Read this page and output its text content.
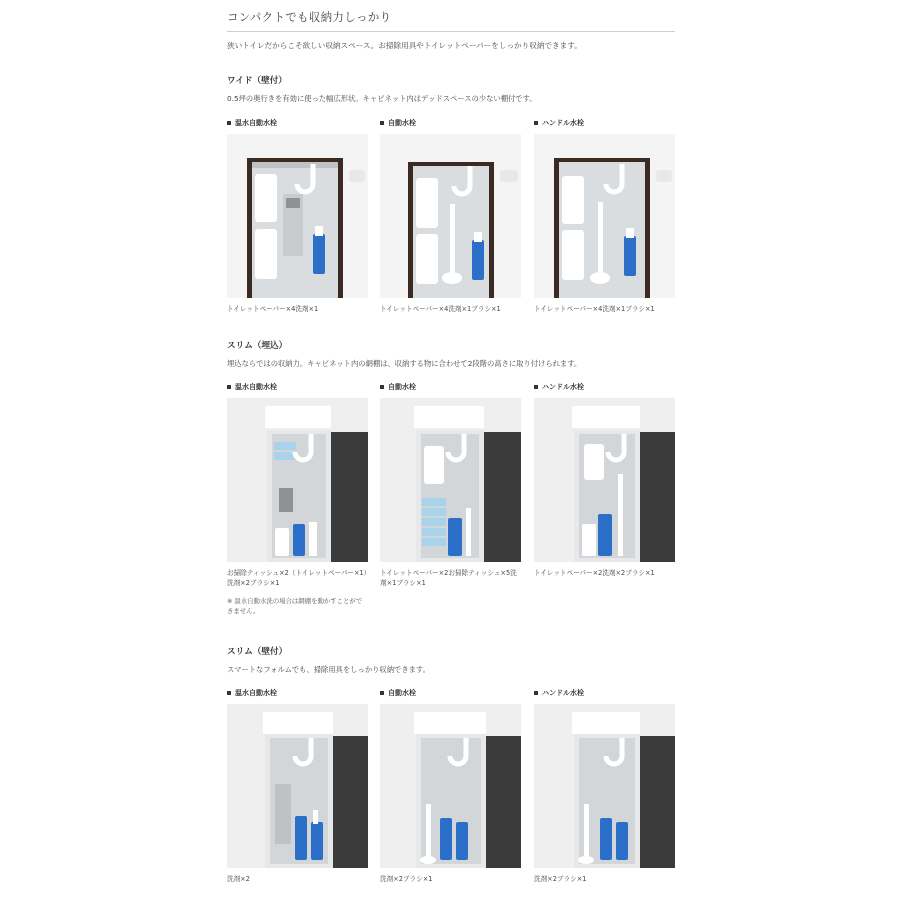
コンパクトでも収納力しっかり
狭いトイレだからこそ欲しい収納スペース。お掃除用具やトイレットペーパーをしっかり収納できます。
ワイド（壁付）
0.5坪の奥行きを有効に使った幅広形状。キャビネット内はデッドスペースの少ない棚付です。
温水自動水栓
トイレットペーパー×4洗剤×1
自動水栓
トイレットペーパー×4洗剤×1ブラシ×1
ハンドル水栓
トイレットペーパー×4洗剤×1ブラシ×1
スリム（埋込）
埋込ならではの収納力。キャビネット内の網棚は、収納する物に合わせて2段階の高さに取り付けられます。
温水自動水栓
お掃除ティッシュ×2（トイレットペーパー×1）洗剤×2ブラシ×1
※ 温水自動水洗の場合は網棚を動かすことができません。
自動水栓
トイレットペーパー×2お掃除ティッシュ×5洗剤×1ブラシ×1
ハンドル水栓
トイレットペーパー×2洗剤×2ブラシ×1
スリム（壁付）
スマートなフォルムでも、掃除用具をしっかり収納できます。
温水自動水栓
洗剤×2
自動水栓
洗剤×2ブラシ×1
ハンドル水栓
洗剤×2ブラシ×1
